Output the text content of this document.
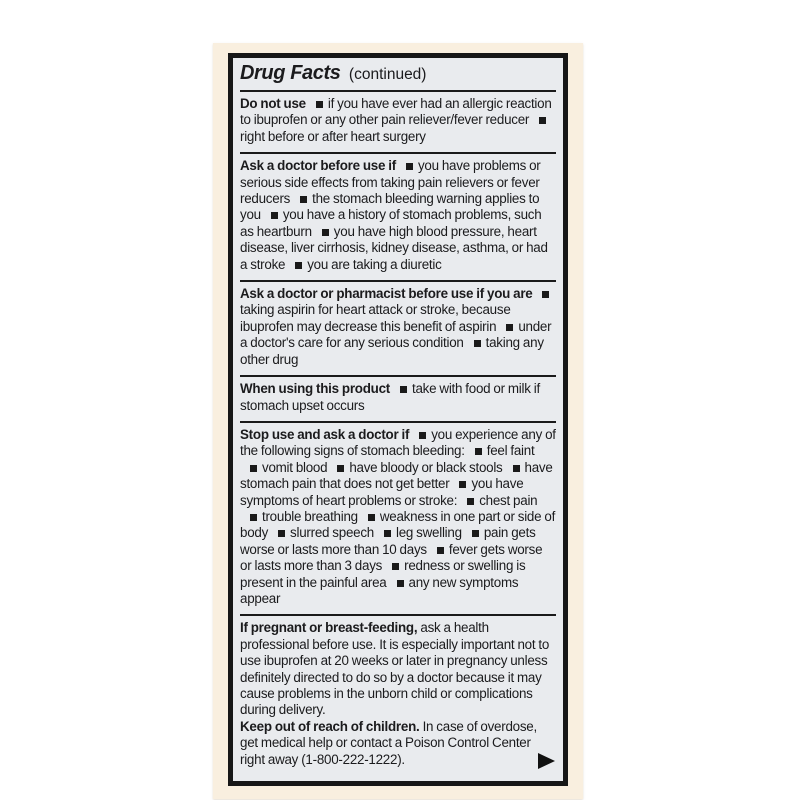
Drug Facts (continued)

Do not use if you have ever had an allergic reaction to ibuprofen or any other pain reliever/fever reducerright before or after heart surgery

Ask a doctor before use if you have problems or serious side effects from taking pain relievers or fever reducers the stomach bleeding warning applies to you you have a history of stomach problems, such as heartburn you have high blood pressure, heart disease, liver cirrhosis, kidney disease, asthma, or had a stroke you are taking a diuretic

Ask a doctor or pharmacist before use if you aretaking aspirin for heart attack or stroke, because ibuprofen may decrease this benefit of aspirin under a doctor's care for any serious condition taking any other drug

When using this product take with food or milk if stomach upset occurs

Stop use and ask a doctor if you experience any of the following signs of stomach bleeding: feel faintvomit blood have bloody or black stools have stomach pain that does not get better you have symptoms of heart problems or stroke: chest paintrouble breathing weakness in one part or side of body slurred speech leg swelling pain gets worse or lasts more than 10 days fever gets worse or lasts more than 3 days redness or swelling is present in the painful area any new symptoms appear

If pregnant or breast-feeding, ask a health professional before use. It is especially important not to use ibuprofen at 20 weeks or later in pregnancy unless definitely directed to do so by a doctor because it may cause problems in the unborn child or complications during delivery.

Keep out of reach of children. In case of overdose, get medical help or contact a Poison Control Center right away (1-800-222-1222).
